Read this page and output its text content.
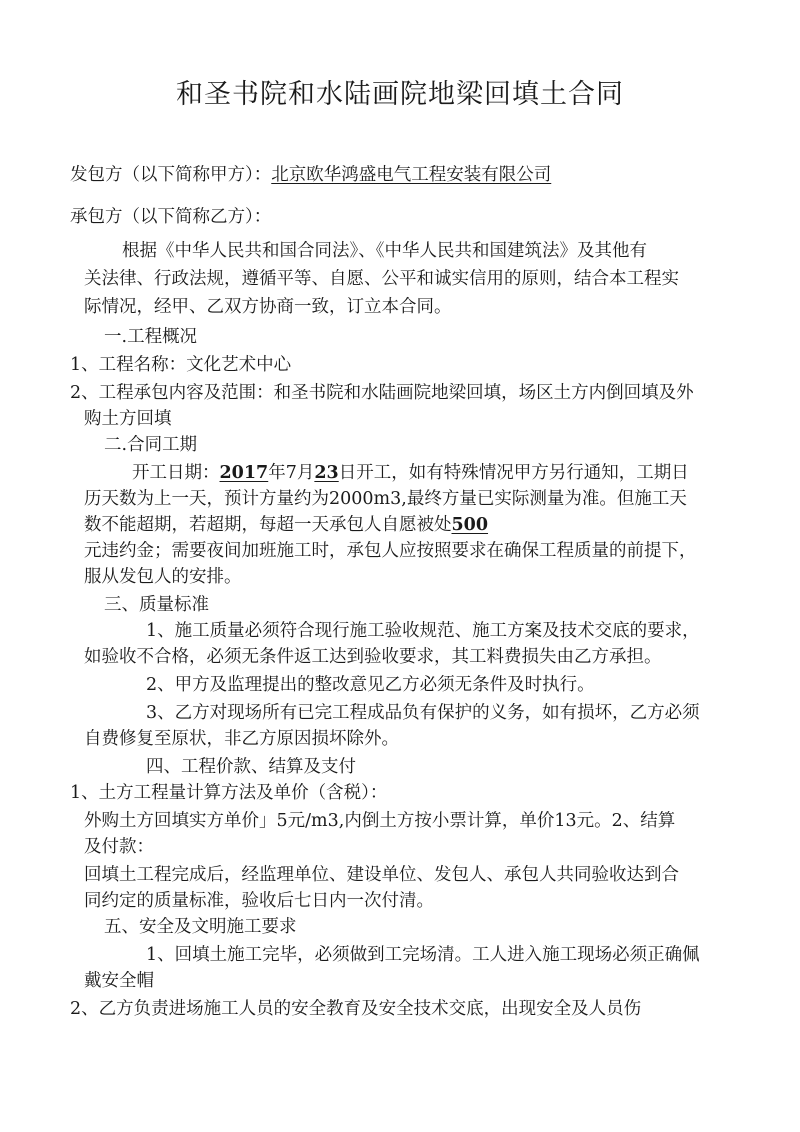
和圣书院和水陆画院地梁回填土合同
发包方（以下简称甲方）：北京欧华鸿盛电气工程安装有限公司
承包方（以下简称乙方）：
根据《中华人民共和国合同法》、《中华人民共和国建筑法》及其他有
关法律、行政法规，遵循平等、自愿、公平和诚实信用的原则，结合本工程实
际情况，经甲、乙双方协商一致，订立本合同。
一.工程概况
1、工程名称：文化艺术中心
2、工程承包内容及范围：和圣书院和水陆画院地梁回填，场区土方内倒回填及外
购土方回填
二.合同工期
开工日期：2017年7月23日开工，如有特殊情况甲方另行通知，工期日
历天数为上一天，预计方量约为2000m3,最终方量已实际测量为准。但施工天
数不能超期，若超期，每超一天承包人自愿被处500
元违约金；需要夜间加班施工时，承包人应按照要求在确保工程质量的前提下，
服从发包人的安排。
三、质量标准
1、施工质量必须符合现行施工验收规范、施工方案及技术交底的要求，
如验收不合格，必须无条件返工达到验收要求，其工料费损失由乙方承担。
2、甲方及监理提出的整改意见乙方必须无条件及时执行。
3、乙方对现场所有已完工程成品负有保护的义务，如有损坏，乙方必须
自费修复至原状，非乙方原因损坏除外。
四、工程价款、结算及支付
1、土方工程量计算方法及单价（含税）：
外购土方回填实方单价」5元/m3,内倒土方按小票计算，单价13元。2、结算
及付款：
回填土工程完成后，经监理单位、建设单位、发包人、承包人共同验收达到合
同约定的质量标准，验收后七日内一次付清。
五、安全及文明施工要求
1、回填土施工完毕，必须做到工完场清。工人进入施工现场必须正确佩
戴安全帽
2、乙方负责进场施工人员的安全教育及安全技术交底，出现安全及人员伤
